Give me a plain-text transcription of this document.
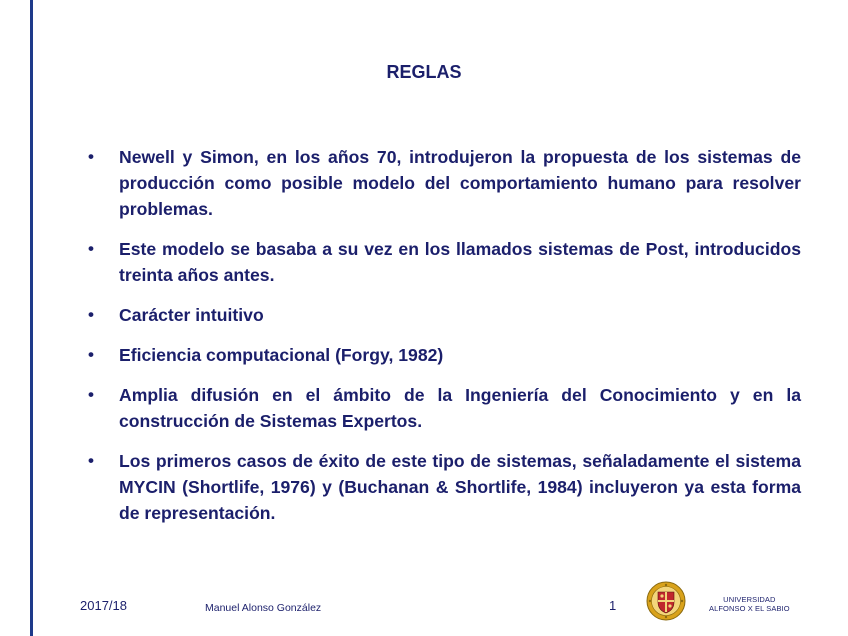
REGLAS
• Newell y Simon, en los años 70, introdujeron la propuesta de los sistemas de producción como posible modelo del comportamiento humano para resolver problemas.
• Este modelo se basaba a su vez en los llamados sistemas de Post, introducidos treinta años antes.
• Carácter intuitivo
• Eficiencia computacional (Forgy, 1982)
• Amplia difusión en el ámbito de la Ingeniería del Conocimiento y en la construcción de Sistemas Expertos.
• Los primeros casos de éxito de este tipo de sistemas, señaladamente el sistema MYCIN (Shortlife, 1976) y (Buchanan & Shortlife, 1984) incluyeron ya esta forma de representación.
2017/18	Manuel Alonso González	1	UNIVERSIDAD
ALFONSO X EL SABIO
